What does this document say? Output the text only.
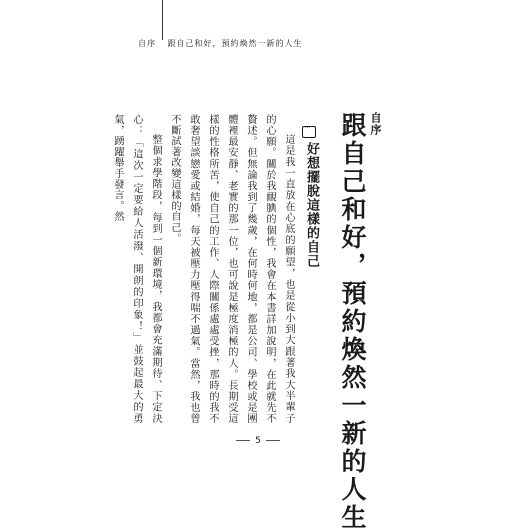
自序 跟自己和好，預約煥然一新的人生
自序
跟自己和好，預約煥然一新的人生
···
好想擺脫這樣的自己

這是我一直放在心底的願望，也是從小到大跟著我大半輩子的心願。關於我靦腆的個性，我會在本書詳加說明，在此就先不贅述。但無論我到了幾歲，在何時何地，都是公司、學校或是團體裡最安靜、老實的那一位，也可說是極度消極的人。長期受這樣的性格所苦，使自己的工作、人際關係處處受挫，那時的我不敢奢望談戀愛或結婚，每天被壓力壓得喘不過氣。當然，我也曾不斷試著改變這樣的自己。

整個求學階段，每到一個新環境，我都會充滿期待、下定決心：「這次一定要給人活潑、開朗的印象！」並鼓起最大的勇氣，踴躍舉手發言。然

5
